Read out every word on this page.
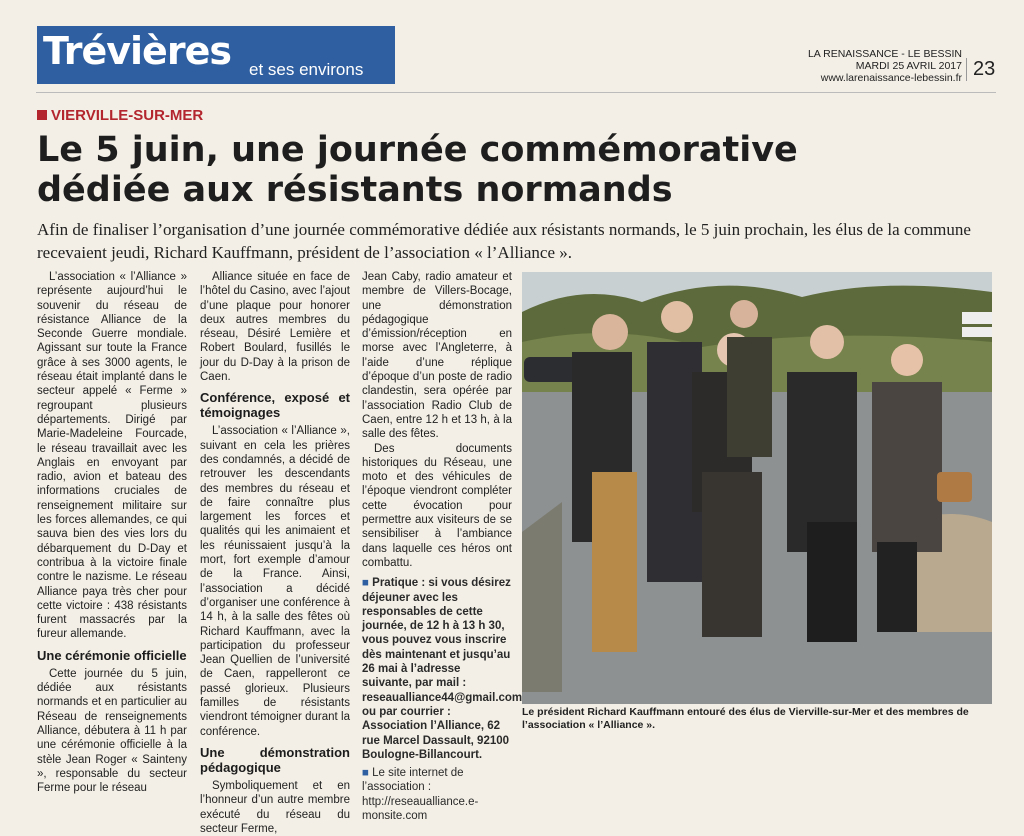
Trévières et ses environs
LA RENAISSANCE - LE BESSIN
MARDI 25 AVRIL 2017
www.larenaissance-lebessin.fr 23
VIERVILLE-SUR-MER
Le 5 juin, une journée commémorative
dédiée aux résistants normands
Afin de finaliser l’organisation d’une journée commémorative dédiée aux résistants normands, le 5 juin prochain, les élus de la commune recevaient jeudi, Richard Kauffmann, président de l’association « l’Alliance ».

L’association « l’Alliance » représente aujourd’hui le souvenir du réseau de résistance Alliance de la Seconde Guerre mondiale. Agissant sur toute la France grâce à ses 3000 agents, le réseau était implanté dans le secteur appelé « Ferme » regroupant plusieurs départements. Dirigé par Marie-Madeleine Fourcade, le réseau travaillait avec les Anglais en envoyant par radio, avion et bateau des informations cruciales de renseignement militaire sur les forces allemandes, ce qui sauva bien des vies lors du débarquement du D-Day et contribua à la victoire finale contre le nazisme. Le réseau Alliance paya très cher pour cette victoire : 438 résistants furent massacrés par la fureur allemande.

Une cérémonie officielle

Cette journée du 5 juin, dédiée aux résistants normands et en particulier au Réseau de renseignements Alliance, débutera à 11 h par une cérémonie officielle à la stèle Jean Roger « Sainteny », responsable du secteur Ferme pour le réseau

Alliance située en face de l’hôtel du Casino, avec l’ajout d’une plaque pour honorer deux autres membres du réseau, Désiré Lemière et Robert Boulard, fusillés le jour du D-Day à la prison de Caen.

Conférence, exposé et témoignages

L’association « l’Alliance », suivant en cela les prières des condamnés, a décidé de retrouver les descendants des membres du réseau et de faire connaître plus largement les forces et qualités qui les animaient et les réunissaient jusqu’à la mort, fort exemple d’amour de la France. Ainsi, l’association a décidé d’organiser une conférence à 14 h, à la salle des fêtes où Richard Kauffmann, avec la participation du professeur Jean Quellien de l’université de Caen, rappelleront ce passé glorieux. Plusieurs familles de résistants viendront témoigner durant la conférence.

Une démonstration pédagogique

Symboliquement et en l’honneur d’un autre membre exécuté du réseau du secteur Ferme,

Jean Caby, radio amateur et membre de Villers-Bocage, une démonstration pédagogique d’émission/réception en morse avec l’Angleterre, à l’aide d’une réplique d’époque d’un poste de radio clandestin, sera opérée par l’association Radio Club de Caen, entre 12 h et 13 h, à la salle des fêtes.

Des documents historiques du Réseau, une moto et des véhicules de l’époque viendront compléter cette évocation pour permettre aux visiteurs de se sensibiliser à l’ambiance dans laquelle ces héros ont combattu.

■ Pratique : si vous désirez déjeuner avec les responsables de cette journée, de 12 h à 13 h 30, vous pouvez vous inscrire dès maintenant et jusqu’au 26 mai à l’adresse suivante, par mail : reseaualliance44@gmail.com ou par courrier : Association l’Alliance, 62 rue Marcel Dassault, 92100 Boulogne-Billancourt.

■ Le site internet de l’association : http://reseaualliance.e-monsite.com

Le président Richard Kauffmann entouré des élus de Vierville-sur-Mer et des membres de l’association « l’Alliance ».
